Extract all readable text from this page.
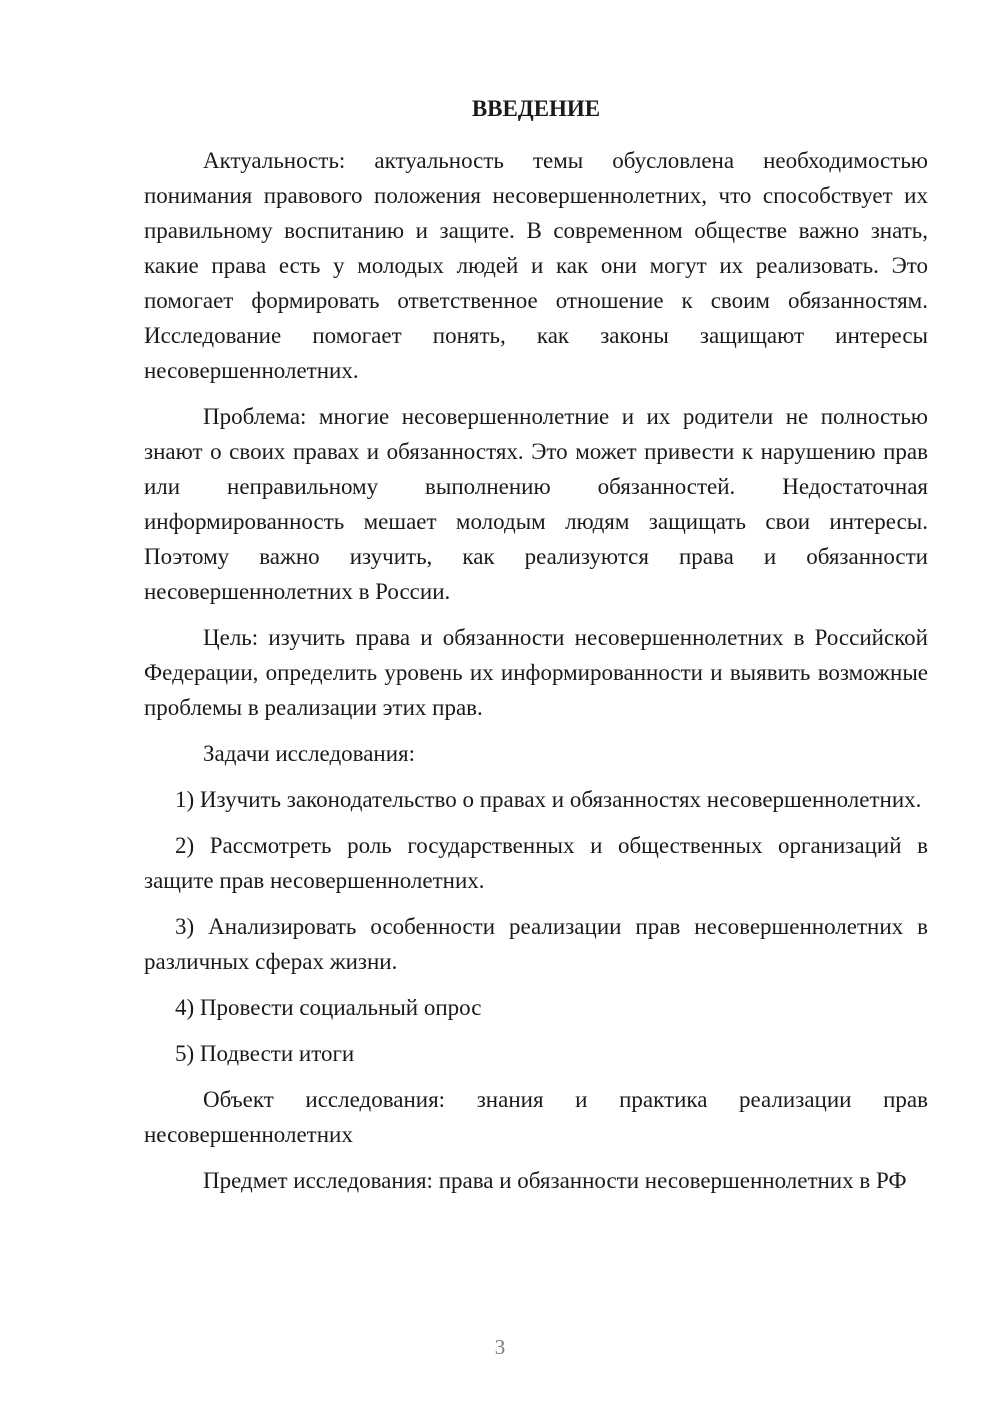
ВВЕДЕНИЕ

Актуальность: актуальность темы обусловлена необходимостью понимания правового положения несовершеннолетних, что способствует их правильному воспитанию и защите. В современном обществе важно знать, какие права есть у молодых людей и как они могут их реализовать. Это помогает формировать ответственное отношение к своим обязанностям. Исследование помогает понять, как законы защищают интересы несовершеннолетних.

Проблема: многие несовершеннолетние и их родители не полностью знают о своих правах и обязанностях. Это может привести к нарушению прав или неправильному выполнению обязанностей. Недостаточная информированность мешает молодым людям защищать свои интересы. Поэтому важно изучить, как реализуются права и обязанности несовершеннолетних в России.

Цель: изучить права и обязанности несовершеннолетних в Российской Федерации, определить уровень их информированности и выявить возможные проблемы в реализации этих прав.

Задачи исследования:

1) Изучить законодательство о правах и обязанностях несовершеннолетних.

2) Рассмотреть роль государственных и общественных организаций в защите прав несовершеннолетних.

3) Анализировать особенности реализации прав несовершеннолетних в различных сферах жизни.

4) Провести социальный опрос

5) Подвести итоги

Объект исследования: знания и практика реализации прав несовершеннолетних

Предмет исследования: права и обязанности несовершеннолетних в РФ

3
